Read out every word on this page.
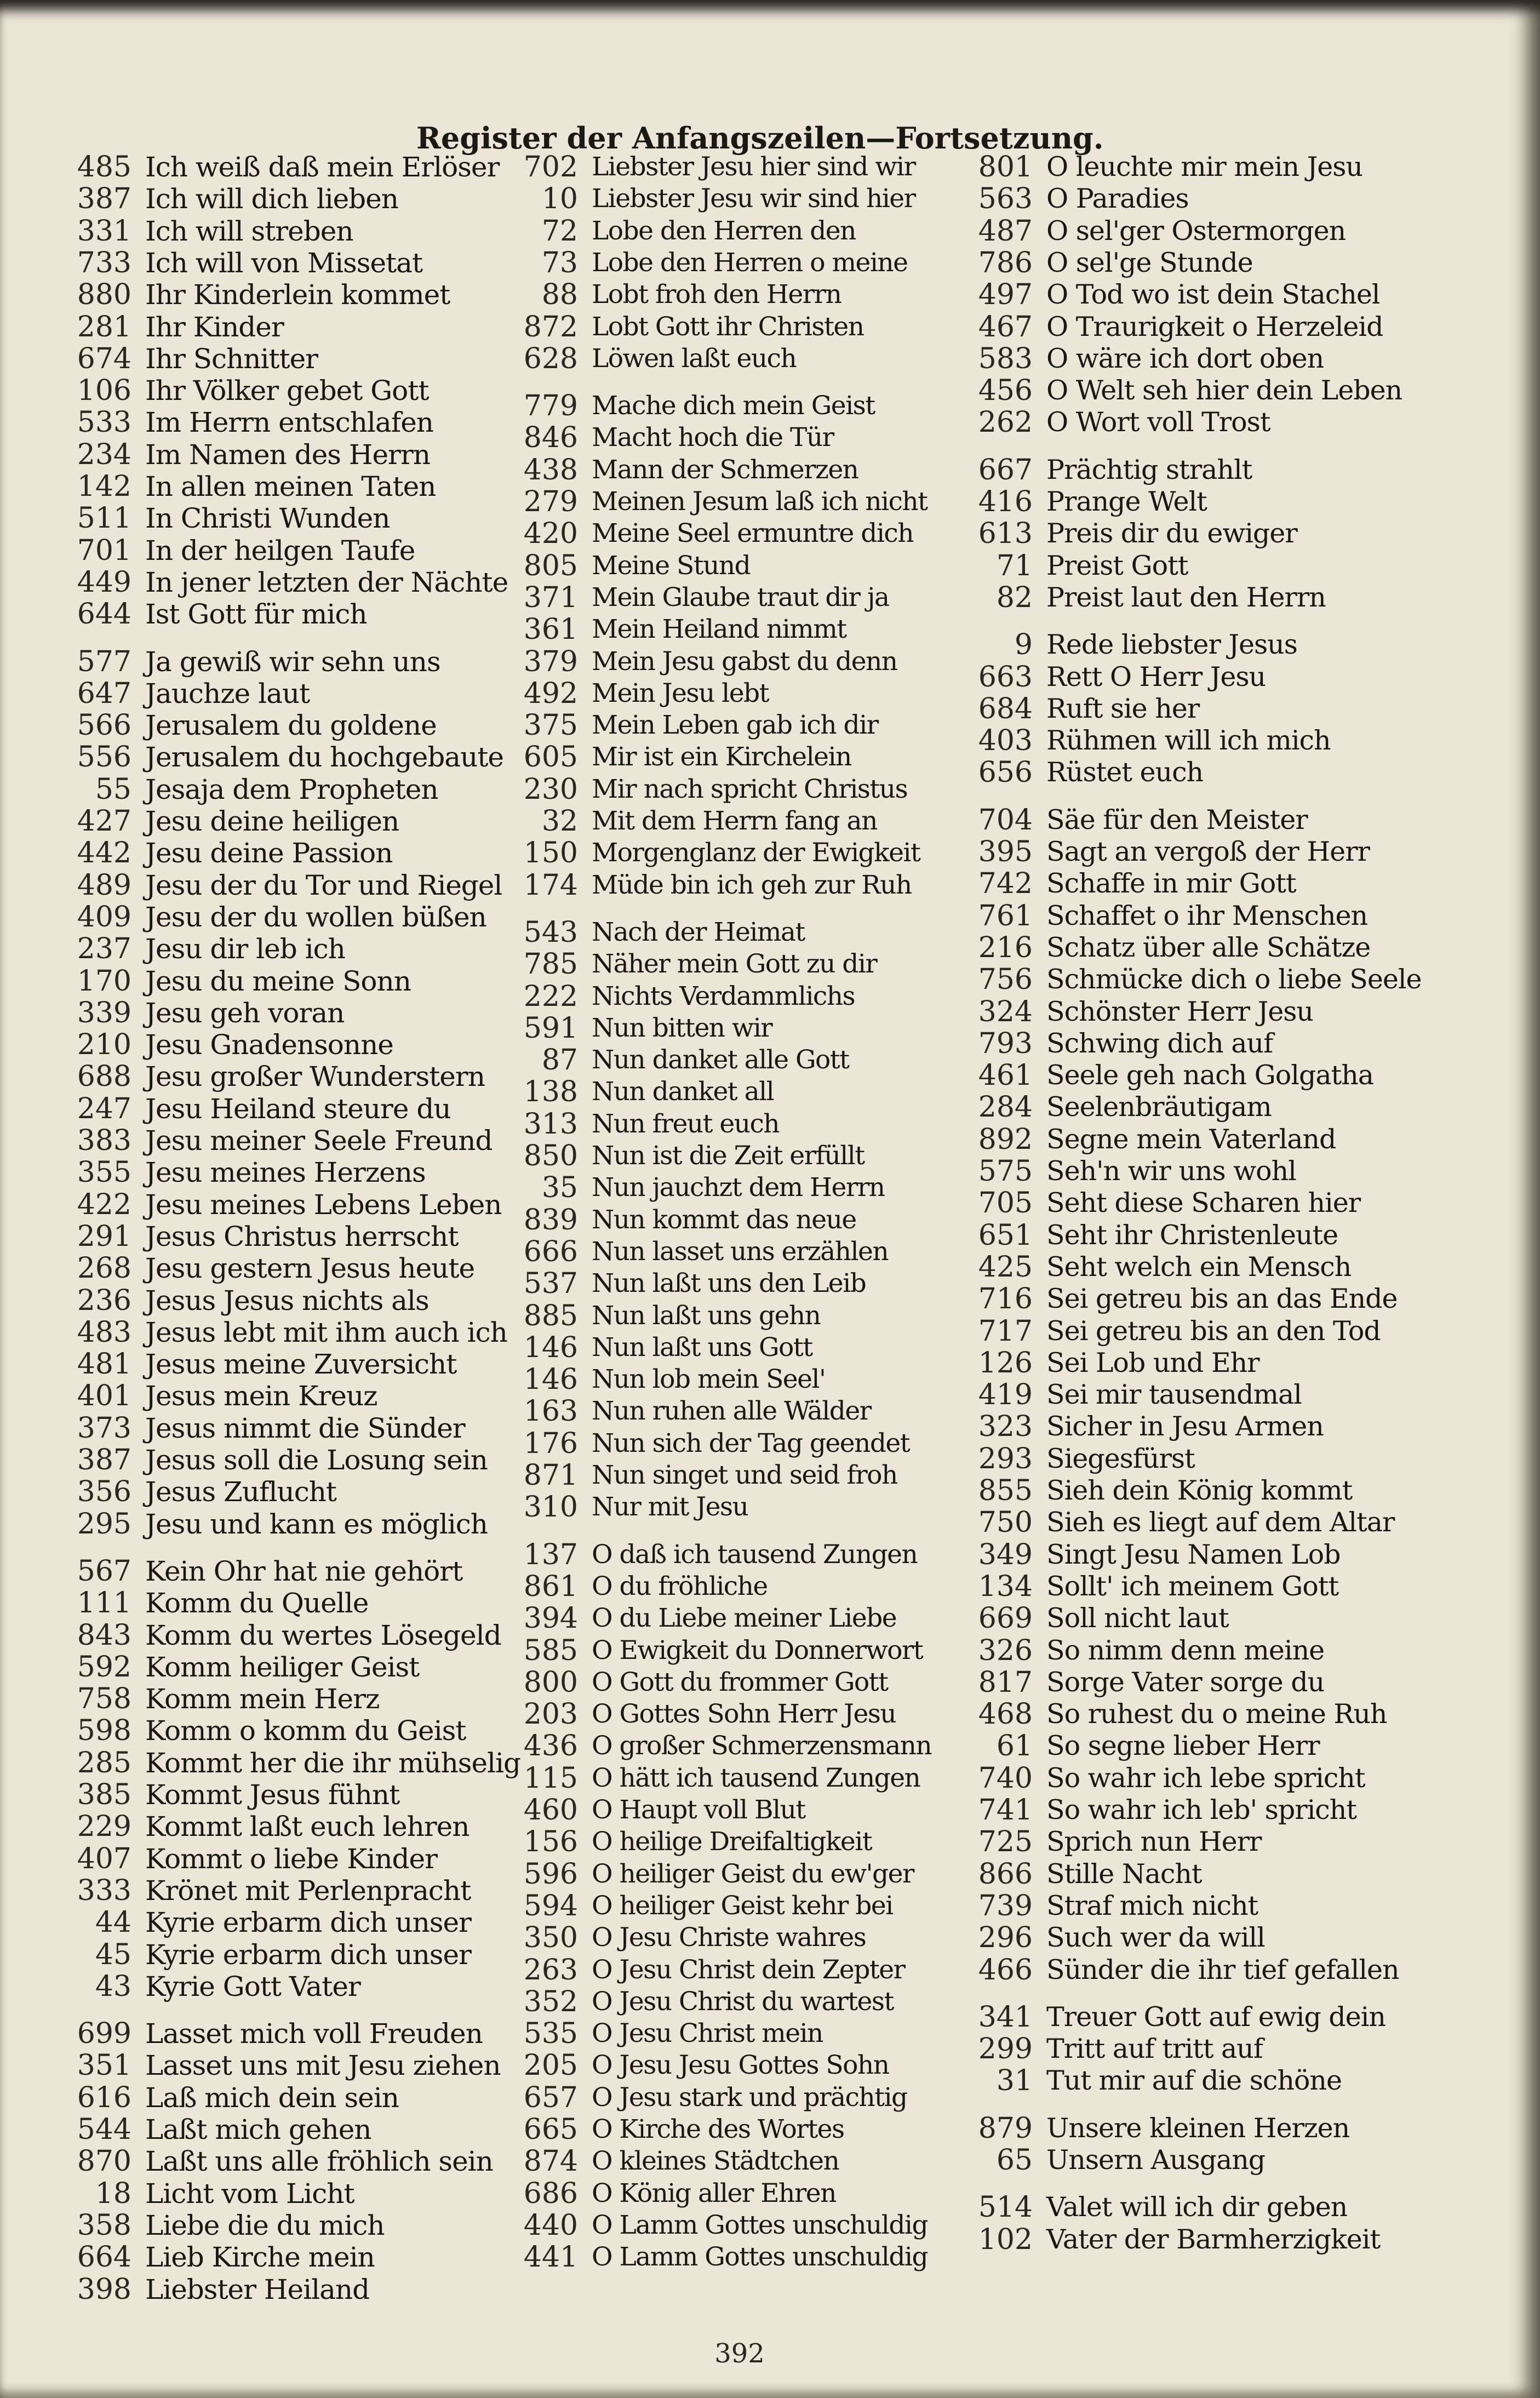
Register der Anfangszeilen—Fortsetzung.
485 Ich weiß daß mein Erlöser
387 Ich will dich lieben
331 Ich will streben
733 Ich will von Missetat
880 Ihr Kinderlein kommet
281 Ihr Kinder
674 Ihr Schnitter
106 Ihr Völker gebet Gott
533 Im Herrn entschlafen
234 Im Namen des Herrn
142 In allen meinen Taten
511 In Christi Wunden
701 In der heilgen Taufe
449 In jener letzten der Nächte
644 Ist Gott für mich
577 Ja gewiß wir sehn uns
647 Jauchze laut
566 Jerusalem du goldene
556 Jerusalem du hochgebaute
55 Jesaja dem Propheten
427 Jesu deine heiligen
442 Jesu deine Passion
489 Jesu der du Tor und Riegel
409 Jesu der du wollen büßen
237 Jesu dir leb ich
170 Jesu du meine Sonn
339 Jesu geh voran
210 Jesu Gnadensonne
688 Jesu großer Wunderstern
247 Jesu Heiland steure du
383 Jesu meiner Seele Freund
355 Jesu meines Herzens
422 Jesu meines Lebens Leben
291 Jesus Christus herrscht
268 Jesu gestern Jesus heute
236 Jesus Jesus nichts als
483 Jesus lebt mit ihm auch ich
481 Jesus meine Zuversicht
401 Jesus mein Kreuz
373 Jesus nimmt die Sünder
387 Jesus soll die Losung sein
356 Jesus Zuflucht
295 Jesu und kann es möglich
567 Kein Ohr hat nie gehört
111 Komm du Quelle
843 Komm du wertes Lösegeld
592 Komm heiliger Geist
758 Komm mein Herz
598 Komm o komm du Geist
285 Kommt her die ihr mühselig
385 Kommt Jesus fühnt
229 Kommt laßt euch lehren
407 Kommt o liebe Kinder
333 Krönet mit Perlenpracht
44 Kyrie erbarm dich unser
45 Kyrie erbarm dich unser
43 Kyrie Gott Vater
699 Lasset mich voll Freuden
351 Lasset uns mit Jesu ziehen
616 Laß mich dein sein
544 Laßt mich gehen
870 Laßt uns alle fröhlich sein
18 Licht vom Licht
358 Liebe die du mich
664 Lieb Kirche mein
398 Liebster Heiland
702 Liebster Jesu hier sind wir
10 Liebster Jesu wir sind hier
72 Lobe den Herren den
73 Lobe den Herren o meine
88 Lobt froh den Herrn
872 Lobt Gott ihr Christen
628 Löwen laßt euch
779 Mache dich mein Geist
846 Macht hoch die Tür
438 Mann der Schmerzen
279 Meinen Jesum laß ich nicht
420 Meine Seel ermuntre dich
805 Meine Stund
371 Mein Glaube traut dir ja
361 Mein Heiland nimmt
379 Mein Jesu gabst du denn
492 Mein Jesu lebt
375 Mein Leben gab ich dir
605 Mir ist ein Kirchelein
230 Mir nach spricht Christus
32 Mit dem Herrn fang an
150 Morgenglanz der Ewigkeit
174 Müde bin ich geh zur Ruh
543 Nach der Heimat
785 Näher mein Gott zu dir
222 Nichts Verdammlichs
591 Nun bitten wir
87 Nun danket alle Gott
138 Nun danket all
313 Nun freut euch
850 Nun ist die Zeit erfüllt
35 Nun jauchzt dem Herrn
839 Nun kommt das neue
666 Nun lasset uns erzählen
537 Nun laßt uns den Leib
885 Nun laßt uns gehn
146 Nun laßt uns Gott
146 Nun lob mein Seel'
163 Nun ruhen alle Wälder
176 Nun sich der Tag geendet
871 Nun singet und seid froh
310 Nur mit Jesu
137 O daß ich tausend Zungen
861 O du fröhliche
394 O du Liebe meiner Liebe
585 O Ewigkeit du Donnerwort
800 O Gott du frommer Gott
203 O Gottes Sohn Herr Jesu
436 O großer Schmerzensmann
115 O hätt ich tausend Zungen
460 O Haupt voll Blut
156 O heilige Dreifaltigkeit
596 O heiliger Geist du ew'ger
594 O heiliger Geist kehr bei
350 O Jesu Christe wahres
263 O Jesu Christ dein Zepter
352 O Jesu Christ du wartest
535 O Jesu Christ mein
205 O Jesu Jesu Gottes Sohn
657 O Jesu stark und prächtig
665 O Kirche des Wortes
874 O kleines Städtchen
686 O König aller Ehren
440 O Lamm Gottes unschuldig
441 O Lamm Gottes unschuldig
801 O leuchte mir mein Jesu
563 O Paradies
487 O sel'ger Ostermorgen
786 O sel'ge Stunde
497 O Tod wo ist dein Stachel
467 O Traurigkeit o Herzeleid
583 O wäre ich dort oben
456 O Welt seh hier dein Leben
262 O Wort voll Trost
667 Prächtig strahlt
416 Prange Welt
613 Preis dir du ewiger
71 Preist Gott
82 Preist laut den Herrn
9 Rede liebster Jesus
663 Rett O Herr Jesu
684 Ruft sie her
403 Rühmen will ich mich
656 Rüstet euch
704 Säe für den Meister
395 Sagt an vergoß der Herr
742 Schaffe in mir Gott
761 Schaffet o ihr Menschen
216 Schatz über alle Schätze
756 Schmücke dich o liebe Seele
324 Schönster Herr Jesu
793 Schwing dich auf
461 Seele geh nach Golgatha
284 Seelenbräutigam
892 Segne mein Vaterland
575 Seh'n wir uns wohl
705 Seht diese Scharen hier
651 Seht ihr Christenleute
425 Seht welch ein Mensch
716 Sei getreu bis an das Ende
717 Sei getreu bis an den Tod
126 Sei Lob und Ehr
419 Sei mir tausendmal
323 Sicher in Jesu Armen
293 Siegesfürst
855 Sieh dein König kommt
750 Sieh es liegt auf dem Altar
349 Singt Jesu Namen Lob
134 Sollt' ich meinem Gott
669 Soll nicht laut
326 So nimm denn meine
817 Sorge Vater sorge du
468 So ruhest du o meine Ruh
61 So segne lieber Herr
740 So wahr ich lebe spricht
741 So wahr ich leb' spricht
725 Sprich nun Herr
866 Stille Nacht
739 Straf mich nicht
296 Such wer da will
466 Sünder die ihr tief gefallen
341 Treuer Gott auf ewig dein
299 Tritt auf tritt auf
31 Tut mir auf die schöne
879 Unsere kleinen Herzen
65 Unsern Ausgang
514 Valet will ich dir geben
102 Vater der Barmherzigkeit
392
